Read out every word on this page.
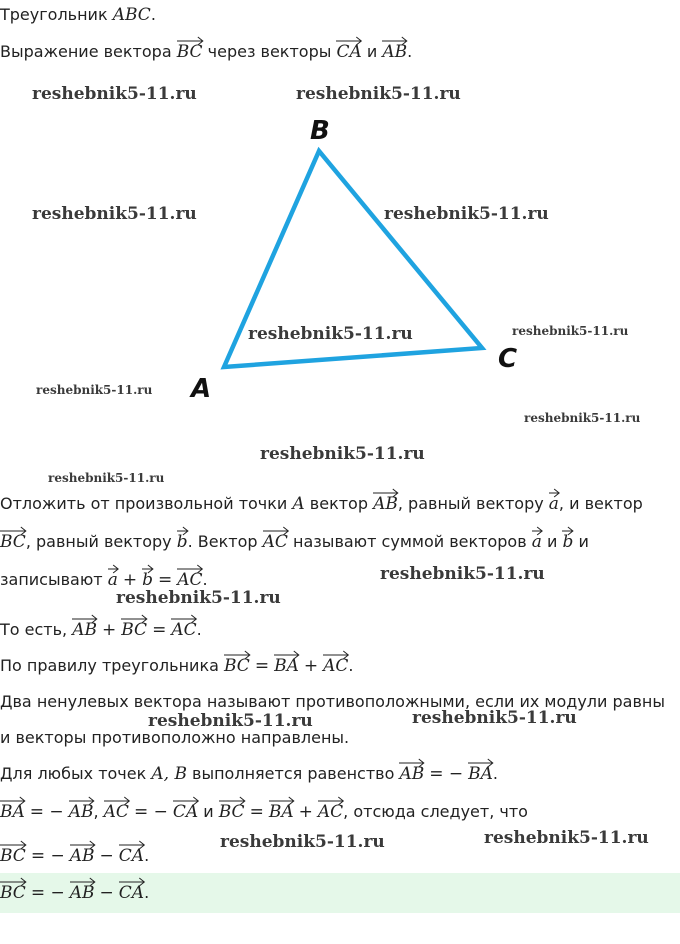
Треугольник ABC.
Выражение вектора BC через векторы CA и AB.
B
C
A
reshebnik5-11.ru	reshebnik5-11.ru
reshebnik5-11.ru	reshebnik5-11.ru
reshebnik5-11.ru	reshebnik5-11.ru
reshebnik5-11.ru
reshebnik5-11.ru
reshebnik5-11.ru
reshebnik5-11.ru
reshebnik5-11.ru
reshebnik5-11.ru
reshebnik5-11.ru	reshebnik5-11.ru
reshebnik5-11.ru	reshebnik5-11.ru
Отложить от произвольной точки A вектор AB, равный вектору a, и вектор
BC, равный вектору b. Вектор AC называют суммой векторов a и b и
записывают a + b = AC.
То есть, AB + BC = AC.
По правилу треугольника BC = BA + AC.
Два ненулевых вектора называют противоположными, если их модули равны
и векторы противоположно направлены.
Для любых точек A, B выполняется равенство AB = − BA.
BA = − AB, AC = − CA и BC = BA + AC, отсюда следует, что
BC = − AB − CA.
BC = − AB − CA.
